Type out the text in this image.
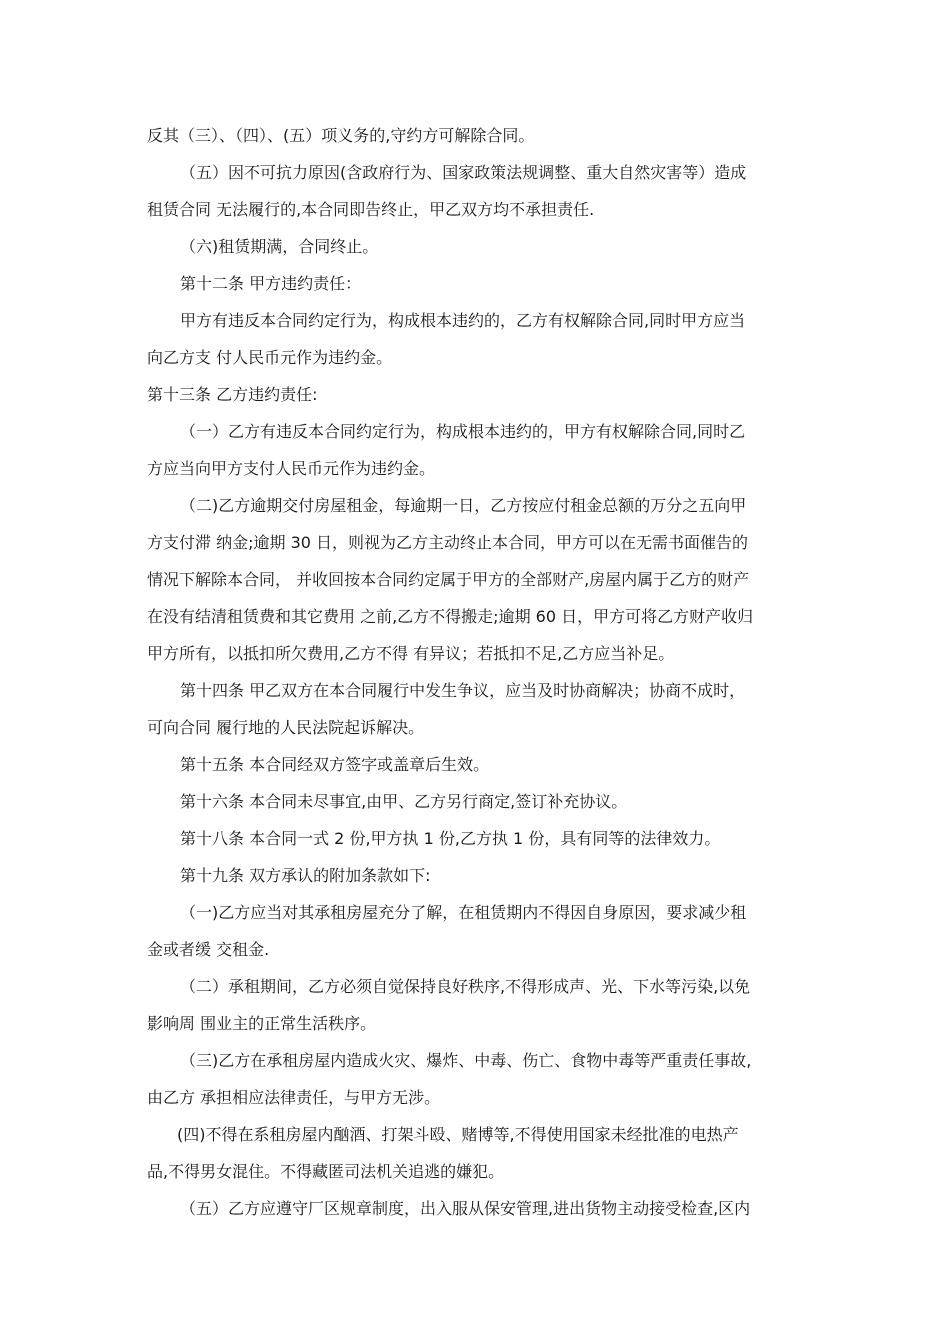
反其（三）、（四）、(五）项义务的,守约方可解除合同。
（五）因不可抗力原因(含政府行为、国家政策法规调整、重大自然灾害等）造成
租赁合同 无法履行的,本合同即告终止，甲乙双方均不承担责任.
（六)租赁期满，合同终止。
第十二条 甲方违约责任：
甲方有违反本合同约定行为，构成根本违约的，乙方有权解除合同,同时甲方应当
向乙方支 付人民币元作为违约金。
第十三条 乙方违约责任:
（一）乙方有违反本合同约定行为，构成根本违约的，甲方有权解除合同,同时乙
方应当向甲方支付人民币元作为违约金。
（二)乙方逾期交付房屋租金，每逾期一日，乙方按应付租金总额的万分之五向甲
方支付滞 纳金;逾期 30 日，则视为乙方主动终止本合同，甲方可以在无需书面催告的
情况下解除本合同， 并收回按本合同约定属于甲方的全部财产,房屋内属于乙方的财产
在没有结清租赁费和其它费用 之前,乙方不得搬走;逾期 60 日，甲方可将乙方财产收归
甲方所有，以抵扣所欠费用,乙方不得 有异议；若抵扣不足,乙方应当补足。
第十四条 甲乙双方在本合同履行中发生争议，应当及时协商解决；协商不成时，
可向合同 履行地的人民法院起诉解决。
第十五条 本合同经双方签字或盖章后生效。
第十六条 本合同未尽事宜,由甲、乙方另行商定,签订补充协议。
第十八条 本合同一式 2 份,甲方执 1 份,乙方执 1 份，具有同等的法律效力。
第十九条 双方承认的附加条款如下:
（一)乙方应当对其承租房屋充分了解，在租赁期内不得因自身原因，要求减少租
金或者缓 交租金.
（二）承租期间，乙方必须自觉保持良好秩序,不得形成声、光、下水等污染,以免
影响周 围业主的正常生活秩序。
（三)乙方在承租房屋内造成火灾、爆炸、中毒、伤亡、食物中毒等严重责任事故,
由乙方 承担相应法律责任，与甲方无涉。
(四)不得在系租房屋内酗酒、打架斗殴、赌博等,不得使用国家未经批准的电热产
品,不得男女混住。不得藏匿司法机关追逃的嫌犯。
（五）乙方应遵守厂区规章制度，出入服从保安管理,进出货物主动接受检查,区内
